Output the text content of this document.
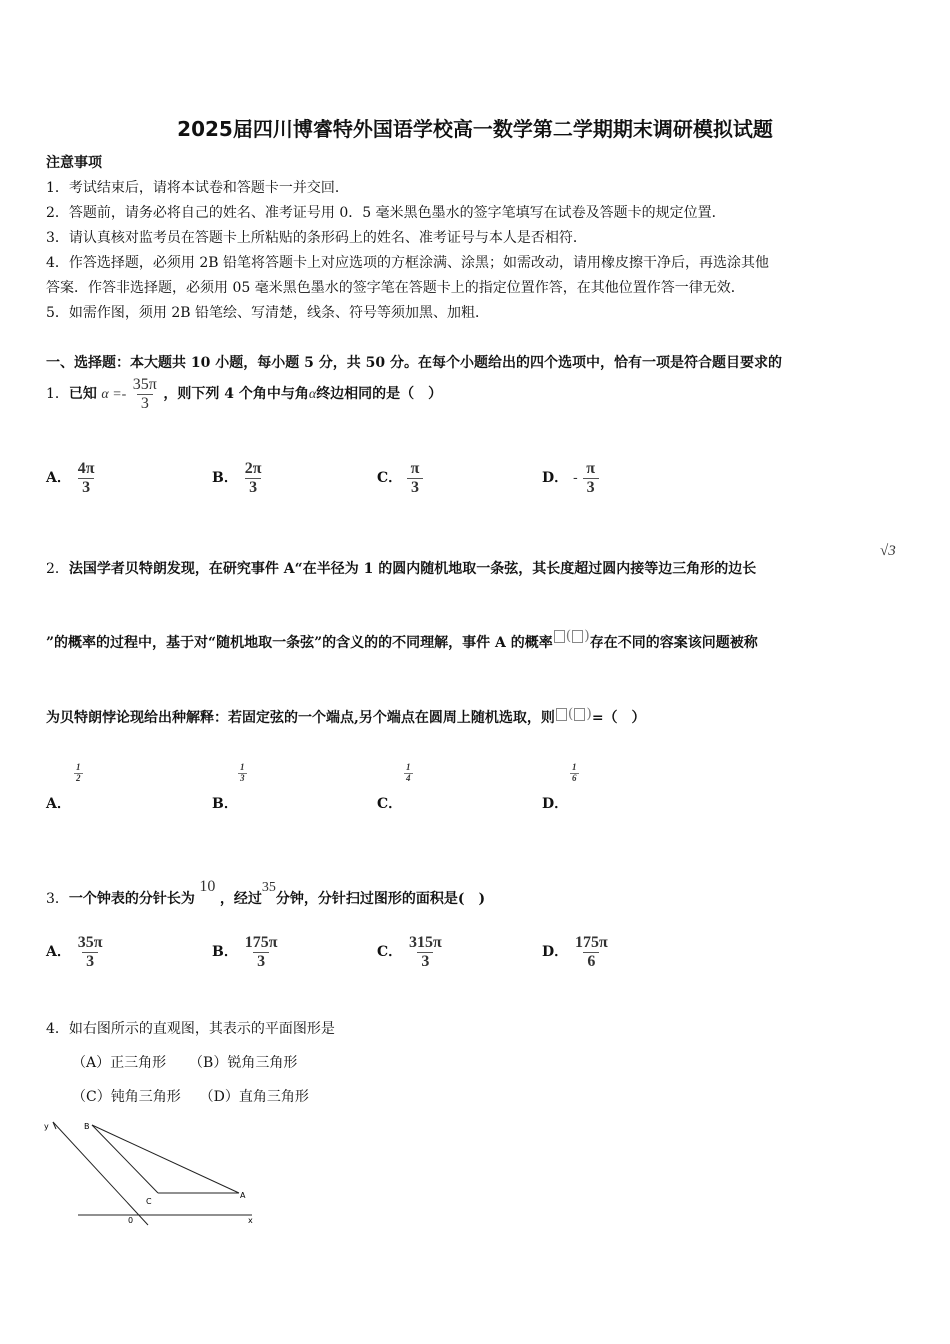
2025届四川博睿特外国语学校高一数学第二学期期末调研模拟试题
注意事项
1．考试结束后，请将本试卷和答题卡一并交回．
2．答题前，请务必将自己的姓名、准考证号用 0．5 毫米黑色墨水的签字笔填写在试卷及答题卡的规定位置．
3．请认真核对监考员在答题卡上所粘贴的条形码上的姓名、准考证号与本人是否相符．
4．作答选择题，必须用 2B 铅笔将答题卡上对应选项的方框涂满、涂黑；如需改动，请用橡皮擦干净后，再选涂其他
答案．作答非选择题，必须用 05 毫米黑色墨水的签字笔在答题卡上的指定位置作答，在其他位置作答一律无效．
5．如需作图，须用 2B 铅笔绘、写清楚，线条、符号等须加黑、加粗．
一、选择题：本大题共 10 小题，每小题 5 分，共 50 分。在每个小题给出的四个选项中，恰有一项是符合题目要求的
1．已知 $\alpha =- \frac{35\pi}{3}$ ，则下列 4 个角中与角α终边相同的是（　）
A． $\frac{4\pi}{3}$	B． $\frac{2\pi}{3}$	C． $\frac{\pi}{3}$	D． - $\frac{\pi}{3}$
2．法国学者贝特朗发现，在研究事件 A“在半径为 1 的圆内随机地取一条弦，其长度超过圆内接等边三角形的边长
√3
”的概率的过程中，基于对“随机地取一条弦”的含义的的不同理解，事件 A 的概率 ( )存在不同的容案该问题被称
为贝特朗悖论现给出种解释：若固定弦的一个端点,另个端点在圆周上随机选取，则 ( )=（　）
$\frac{1}{2}$
A．
$\frac{1}{3}$
B．
$\frac{1}{4}$
C．
$\frac{1}{6}$
D．
3．一个钟表的分针长为 10 ，经过35分钟，分针扫过图形的面积是(　)
A． $\frac{35\pi}{3}$	B． $\frac{175\pi}{3}$	C． $\frac{315\pi}{3}$	D． $\frac{175\pi}{6}$
4．如右图所示的直观图，其表示的平面图形是
（A）正三角形 （B）锐角三角形
（C）钝角三角形 （D）直角三角形
y	B
C
A
0	x
